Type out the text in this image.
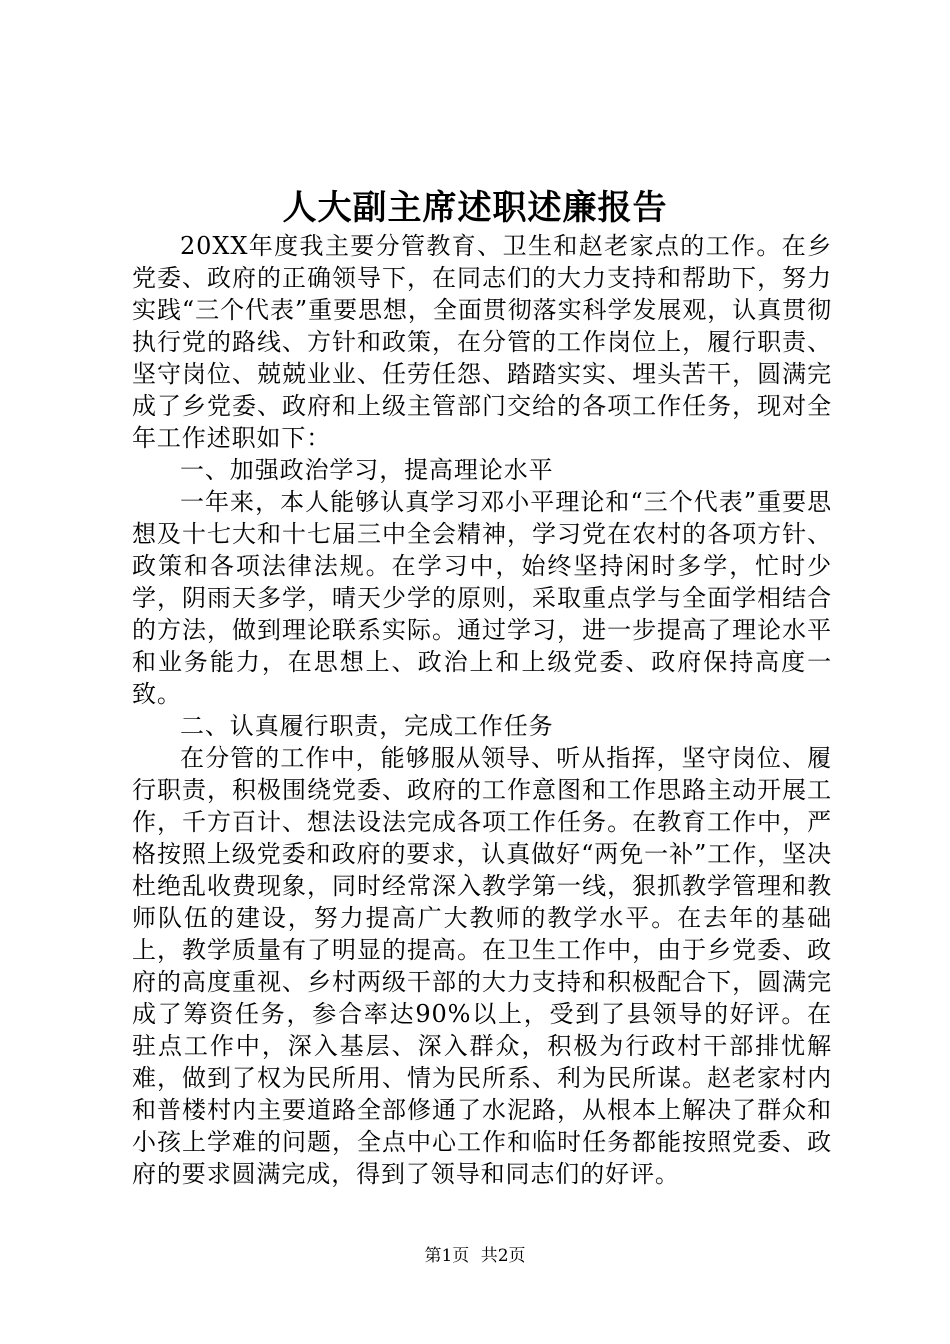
人大副主席述职述廉报告

20XX年度我主要分管教育、卫生和赵老家点的工作。在乡党委、政府的正确领导下，在同志们的大力支持和帮助下，努力实践“三个代表”重要思想，全面贯彻落实科学发展观，认真贯彻执行党的路线、方针和政策，在分管的工作岗位上，履行职责、坚守岗位、兢兢业业、任劳任怨、踏踏实实、埋头苦干，圆满完成了乡党委、政府和上级主管部门交给的各项工作任务，现对全年工作述职如下：

一、加强政治学习，提高理论水平

一年来，本人能够认真学习邓小平理论和“三个代表”重要思想及十七大和十七届三中全会精神，学习党在农村的各项方针、政策和各项法律法规。在学习中，始终坚持闲时多学，忙时少学，阴雨天多学，晴天少学的原则，采取重点学与全面学相结合的方法，做到理论联系实际。通过学习，进一步提高了理论水平和业务能力，在思想上、政治上和上级党委、政府保持高度一致。

二、认真履行职责，完成工作任务

在分管的工作中，能够服从领导、听从指挥，坚守岗位、履行职责，积极围绕党委、政府的工作意图和工作思路主动开展工作，千方百计、想法设法完成各项工作任务。在教育工作中，严格按照上级党委和政府的要求，认真做好“两免一补”工作，坚决杜绝乱收费现象，同时经常深入教学第一线，狠抓教学管理和教师队伍的建设，努力提高广大教师的教学水平。在去年的基础上，教学质量有了明显的提高。在卫生工作中，由于乡党委、政府的高度重视、乡村两级干部的大力支持和积极配合下，圆满完成了筹资任务，参合率达90%以上，受到了县领导的好评。在驻点工作中，深入基层、深入群众，积极为行政村干部排忧解难，做到了权为民所用、情为民所系、利为民所谋。赵老家村内和普楼村内主要道路全部修通了水泥路，从根本上解决了群众和小孩上学难的问题，全点中心工作和临时任务都能按照党委、政府的要求圆满完成，得到了领导和同志们的好评。

第1页 共2页
